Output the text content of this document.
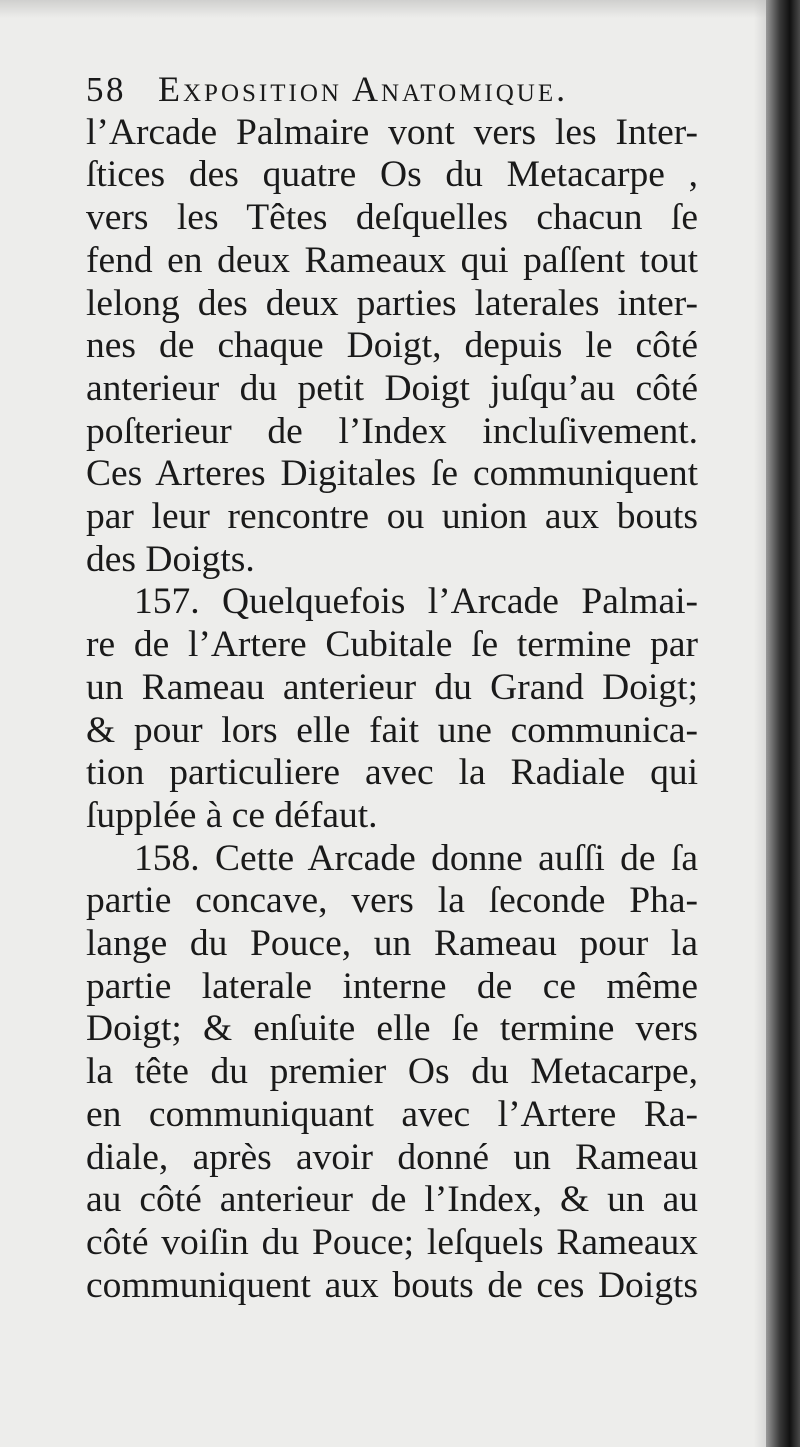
58 Exposition Anatomique.
l’Arcade Palmaire vont vers les Inter-
ſtices des quatre Os du Metacarpe ,
vers les Têtes deſquelles chacun ſe
fend en deux Rameaux qui paſſent tout
lelong des deux parties laterales inter-
nes de chaque Doigt, depuis le côté
anterieur du petit Doigt juſqu’au côté
poſterieur de l’Index incluſivement.
Ces Arteres Digitales ſe communiquent
par leur rencontre ou union aux bouts
des Doigts.
157. Quelquefois l’Arcade Palmai-
re de l’Artere Cubitale ſe termine par
un Rameau anterieur du Grand Doigt;
& pour lors elle fait une communica-
tion particuliere avec la Radiale qui
ſupplée à ce défaut.
158. Cette Arcade donne auſſi de ſa
partie concave, vers la ſeconde Pha-
lange du Pouce, un Rameau pour la
partie laterale interne de ce même
Doigt; & enſuite elle ſe termine vers
la tête du premier Os du Metacarpe,
en communiquant avec l’Artere Ra-
diale, après avoir donné un Rameau
au côté anterieur de l’Index, & un au
côté voiſin du Pouce; leſquels Rameaux
communiquent aux bouts de ces Doigts
